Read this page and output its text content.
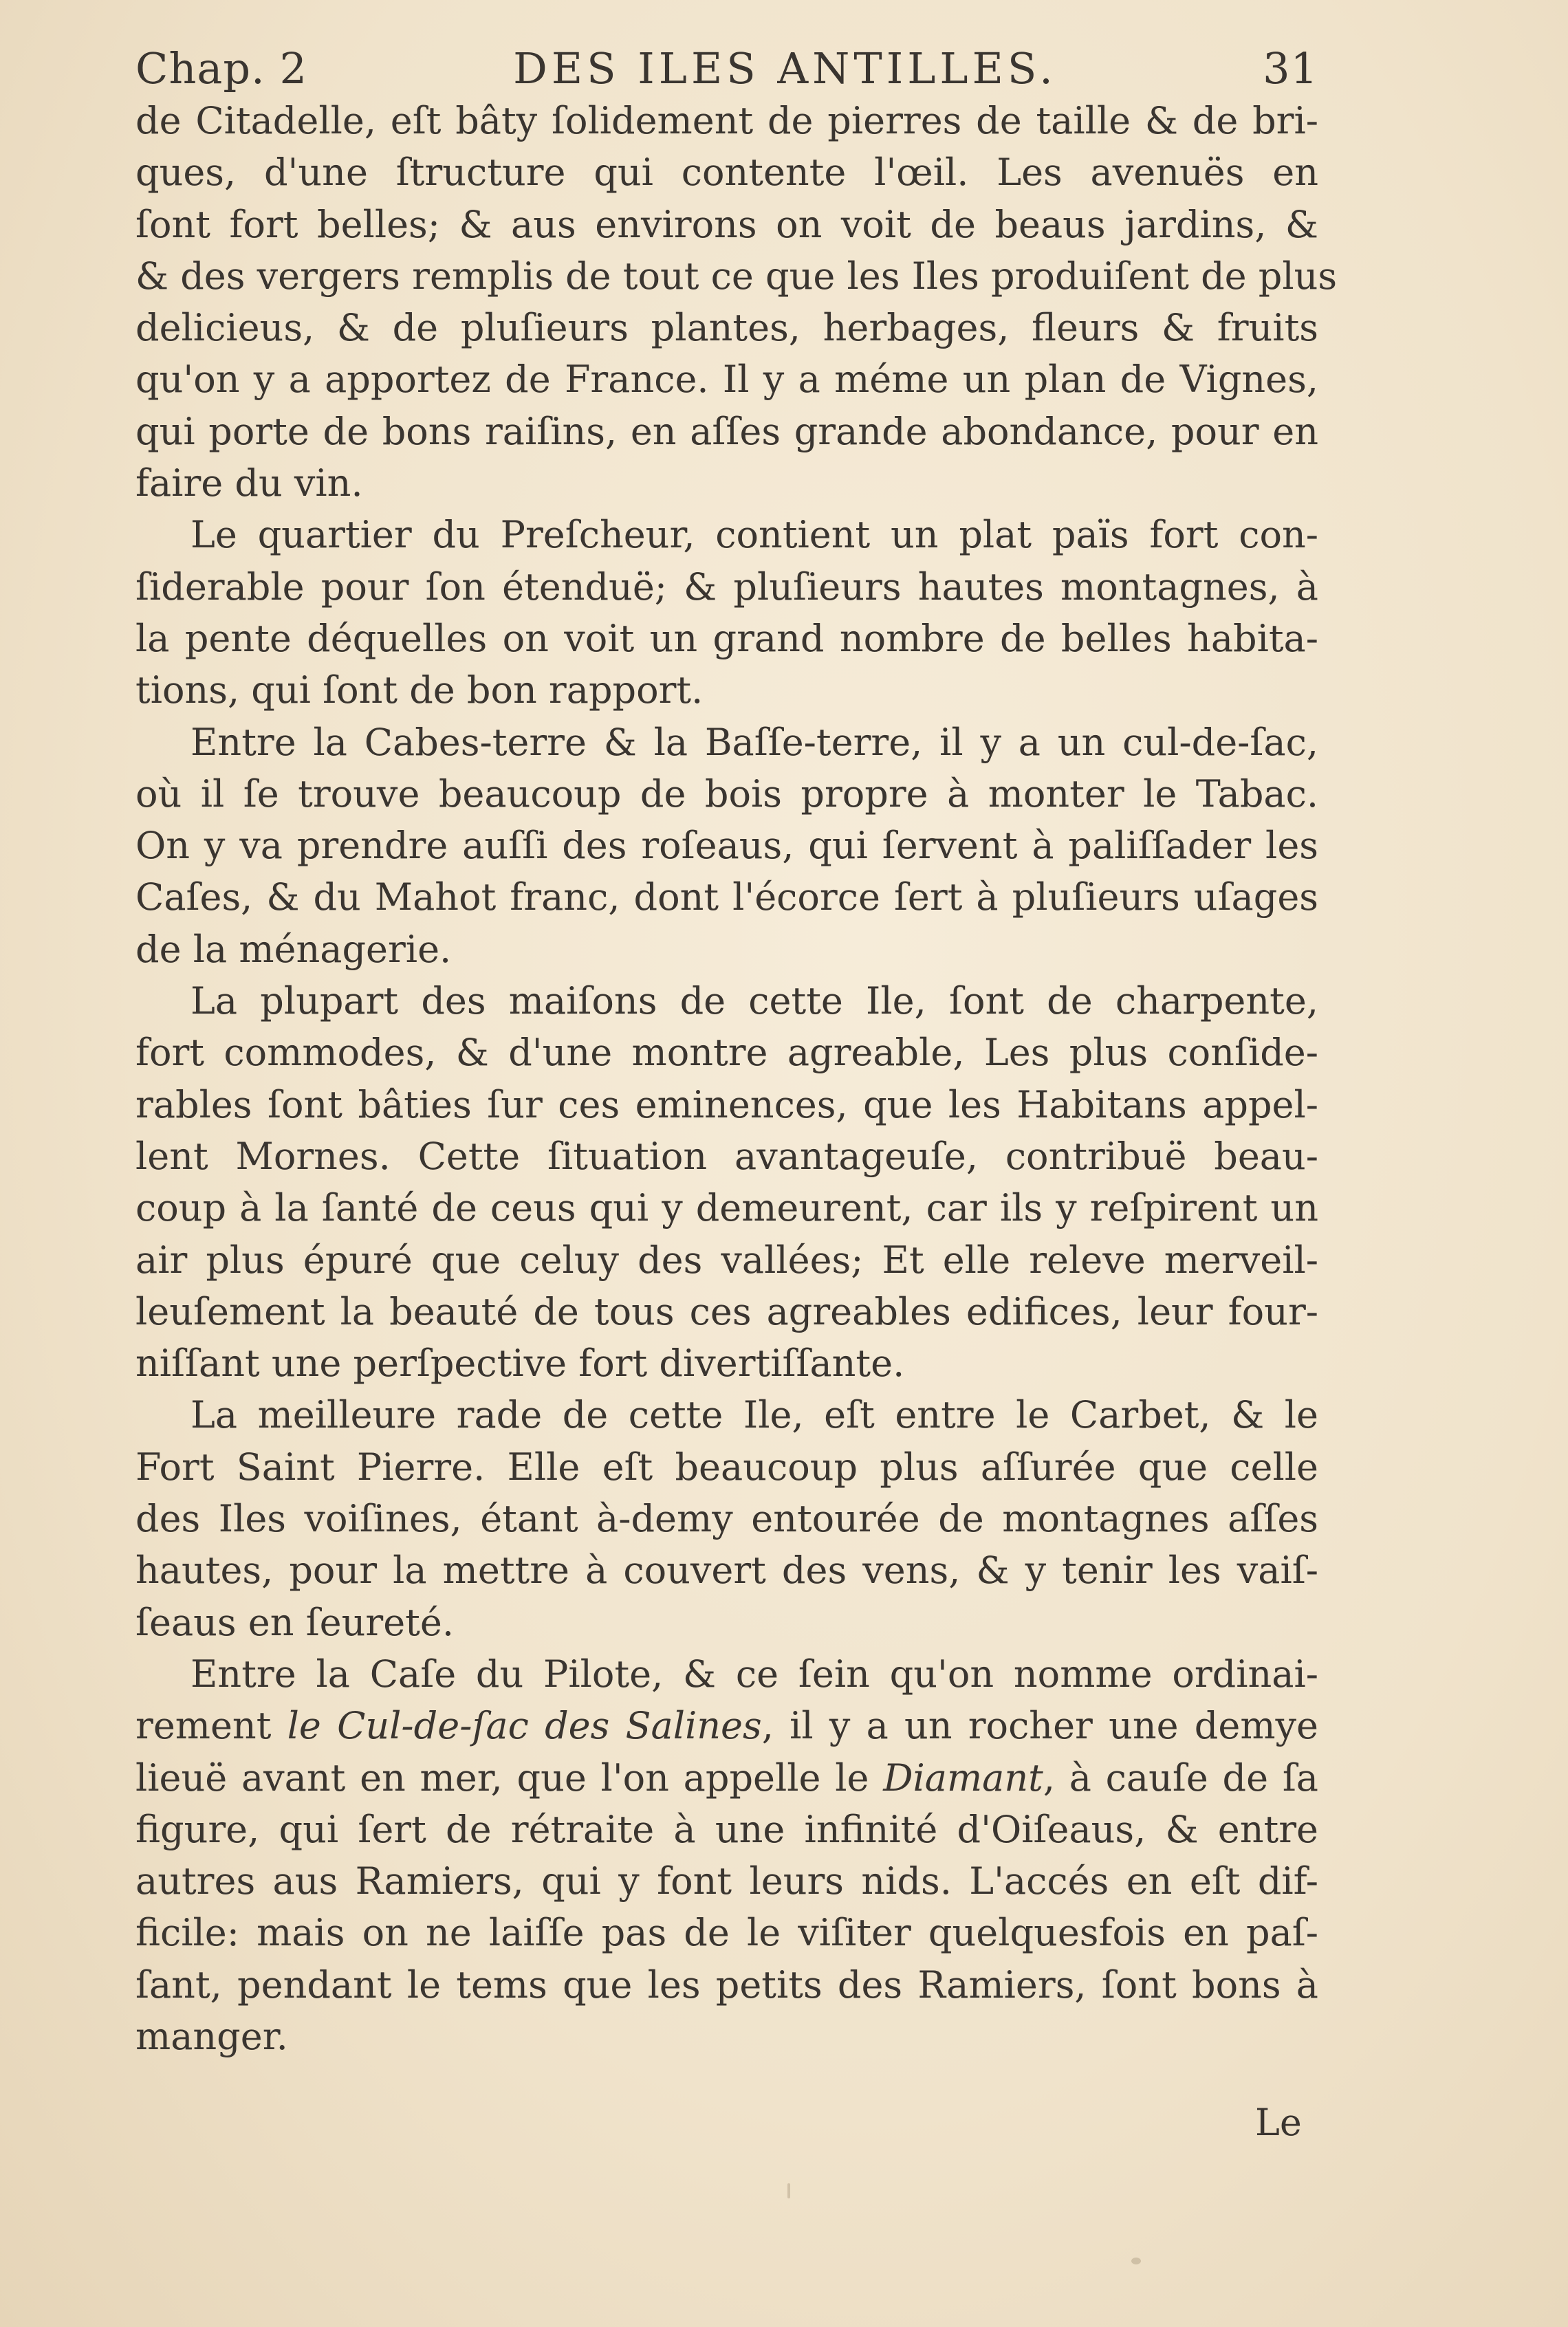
Chap. 2	DES ILES ANTILLES.	31
de Citadelle, eſt bâty ſolidement de pierres de taille & de bri-
ques, d'une ſtructure qui contente l'œil. Les avenuës en
ſont fort belles; & aus environs on voit de beaus jardins, &
& des vergers remplis de tout ce que les Iles produiſent de plus
delicieus, & de pluſieurs plantes, herbages, fleurs & fruits
qu'on y a apportez de France. Il y a méme un plan de Vignes,
qui porte de bons raiſins, en aſſes grande abondance, pour en
faire du vin.
Le quartier du Preſcheur, contient un plat païs fort con-
ſiderable pour ſon étenduë; & pluſieurs hautes montagnes, à
la pente déquelles on voit un grand nombre de belles habita-
tions, qui ſont de bon rapport.
Entre la Cabes-terre & la Baſſe-terre, il y a un cul-de-ſac,
où il ſe trouve beaucoup de bois propre à monter le Tabac.
On y va prendre auſſi des roſeaus, qui ſervent à paliſſader les
Caſes, & du Mahot franc, dont l'écorce ſert à pluſieurs uſages
de la ménagerie.
La plupart des maiſons de cette Ile, ſont de charpente,
fort commodes, & d'une montre agreable, Les plus conſide-
rables ſont bâties ſur ces eminences, que les Habitans appel-
lent Mornes. Cette ſituation avantageuſe, contribuë beau-
coup à la ſanté de ceus qui y demeurent, car ils y reſpirent un
air plus épuré que celuy des vallées; Et elle releve merveil-
leuſement la beauté de tous ces agreables edifices, leur four-
niſſant une perſpective fort divertiſſante.
La meilleure rade de cette Ile, eſt entre le Carbet, & le
Fort Saint Pierre. Elle eſt beaucoup plus aſſurée que celle
des Iles voiſines, étant à-demy entourée de montagnes aſſes
hautes, pour la mettre à couvert des vens, & y tenir les vaiſ-
ſeaus en ſeureté.
Entre la Caſe du Pilote, & ce ſein qu'on nomme ordinai-
rement le Cul-de-ſac des Salines, il y a un rocher une demye
lieuë avant en mer, que l'on appelle le Diamant, à cauſe de ſa
figure, qui ſert de rétraite à une infinité d'Oiſeaus, & entre
autres aus Ramiers, qui y font leurs nids. L'accés en eſt dif-
ficile: mais on ne laiſſe pas de le viſiter quelquesfois en paſ-
ſant, pendant le tems que les petits des Ramiers, ſont bons à
manger.
Le
